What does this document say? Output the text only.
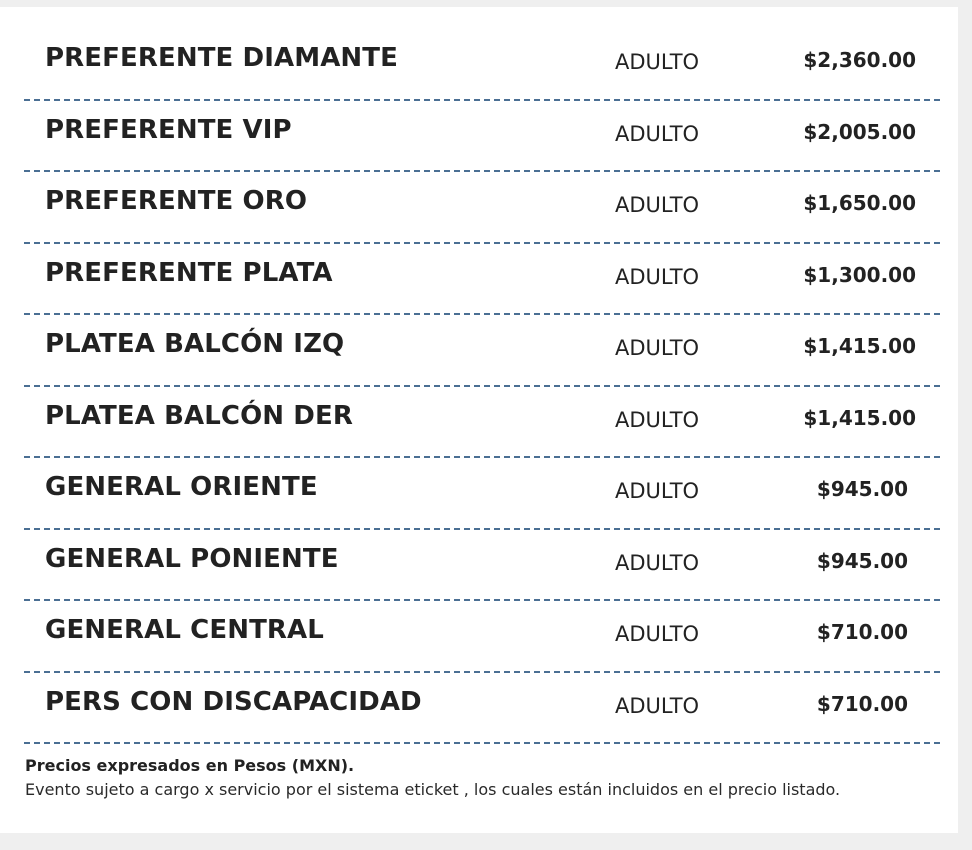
PREFERENTE DIAMANTE	ADULTO	$2,360.00
PREFERENTE VIP	ADULTO	$2,005.00
PREFERENTE ORO	ADULTO	$1,650.00
PREFERENTE PLATA	ADULTO	$1,300.00
PLATEA BALCÓN IZQ	ADULTO	$1,415.00
PLATEA BALCÓN DER	ADULTO	$1,415.00
GENERAL ORIENTE	ADULTO	$945.00
GENERAL PONIENTE	ADULTO	$945.00
GENERAL CENTRAL	ADULTO	$710.00
PERS CON DISCAPACIDAD	ADULTO	$710.00

Precios expresados en Pesos (MXN).

Evento sujeto a cargo x servicio por el sistema eticket , los cuales están incluidos en el precio listado.
